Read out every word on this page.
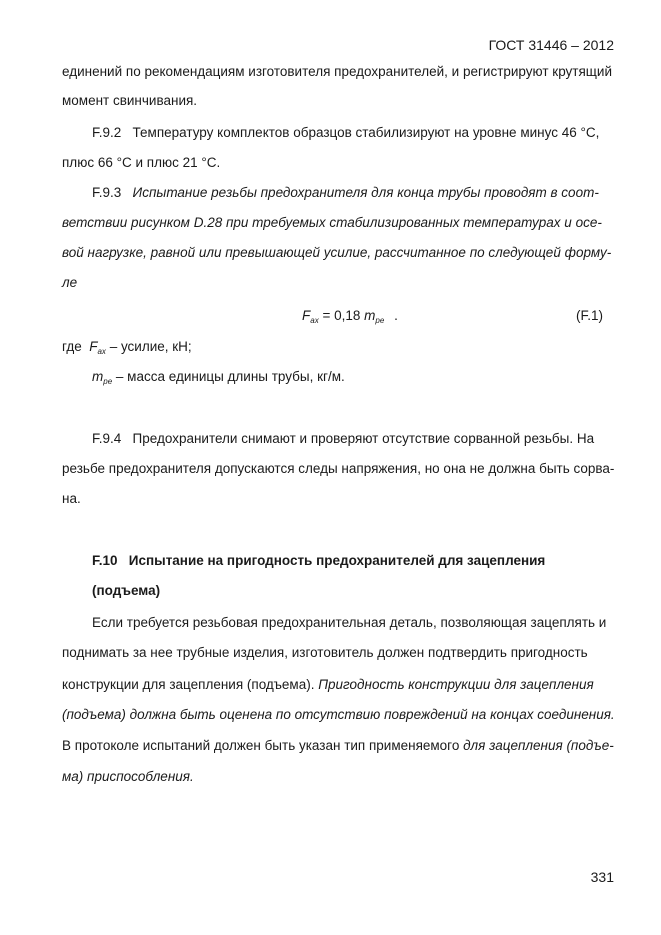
ГОСТ 31446 – 2012
единений по рекомендациям изготовителя предохранителей, и регистрируют крутящий
момент свинчивания.
F.9.2 Температуру комплектов образцов стабилизируют на уровне минус 46 °C,
плюс 66 °C и плюс 21 °C.
F.9.3 Испытание резьбы предохранителя для конца трубы проводят в соот-
ветствии рисунком D.28 при требуемых стабилизированных температурах и осе-
вой нагрузке, равной или превышающей усилие, рассчитанное по следующей форму-
ле
$F_{ax} = 0,18$ $m_{pe}$ .	(F.1)
где $F_{ax}$ – усилие, кН;
$m_{pe}$ – масса единицы длины трубы, кг/м.
F.9.4 Предохранители снимают и проверяют отсутствие сорванной резьбы. На
резьбе предохранителя допускаются следы напряжения, но она не должна быть сорва-
на.
F.10 Испытание на пригодность предохранителей для зацепления
(подъема)
Если требуется резьбовая предохранительная деталь, позволяющая зацеплять и
поднимать за нее трубные изделия, изготовитель должен подтвердить пригодность
конструкции для зацепления (подъема). Пригодность конструкции для зацепления
(подъема) должна быть оценена по отсутствию повреждений на концах соединения.
В протоколе испытаний должен быть указан тип применяемого для зацепления (подъе-
ма) приспособления.
331
